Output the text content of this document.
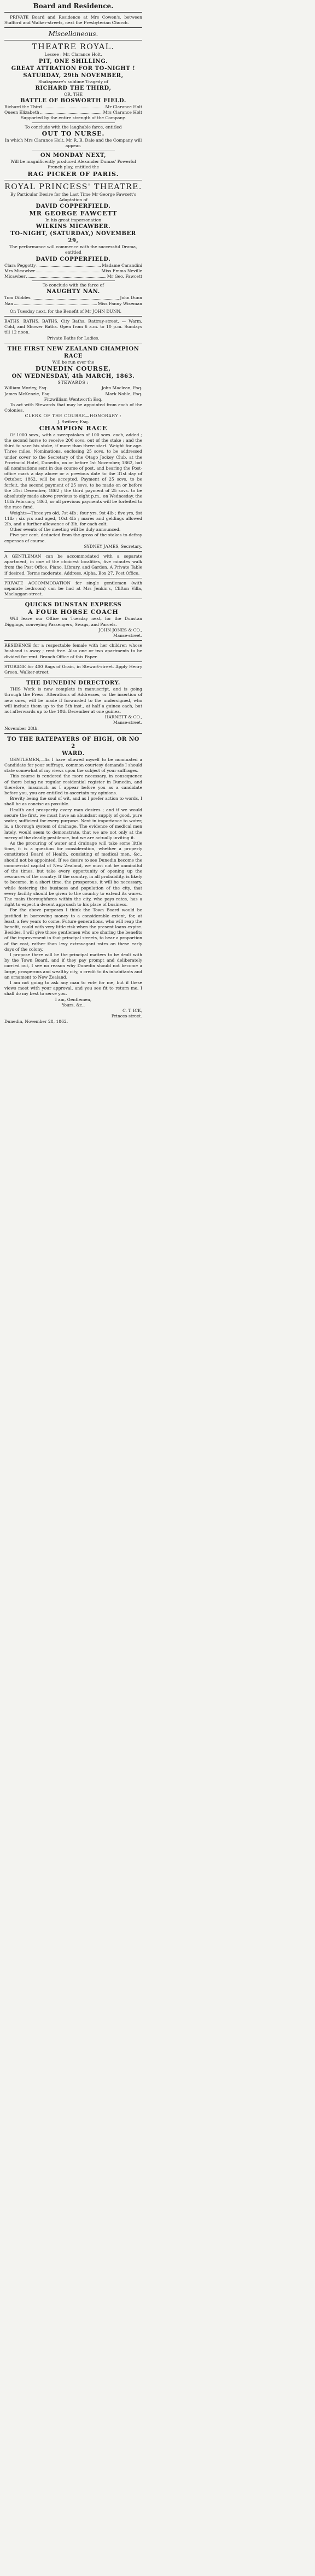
Board and Residence.

PRIVATE Board and Residence at Mrs Cowen's, between Stafford and Walker-streets, next the Presbyterian Church.

Miscellaneous.
THEATRE ROYAL.
Lessee : Mr. Clarance Holt.
PIT, ONE SHILLING.
GREAT ATTRATION FOR TO-NIGHT !
SATURDAY, 29th NOVEMBER,
Shakspeare's sublime Tragedy of
RICHARD THE THIRD,
OR, THE
BATTLE OF BOSWORTH FIELD.
Richard the Third	Mr Clarance Holt
Queen Elizabeth	Mrs Clarance Holt
Supported by the entire strength of the Company.
To conclude with the laughable farce, entitled
OUT TO NURSE.
In which Mrs Clarance Holt, Mr R. B. Dale and the Company will appear.
ON MONDAY NEXT,
Will be magnificently produced Alexander Dumas' Powerful French play, entitled the
RAG PICKER OF PARIS.
ROYAL PRINCESS' THEATRE.
By Particular Desire for the Last Time Mr George Fawcett's Adaptation of
DAVID COPPERFIELD.
MR GEORGE FAWCETT
In his great impersonation
WILKINS MICAWBER.
TO-NIGHT, (SATURDAY,) NOVEMBER 29,
The performance will commence with the successful Drama, entitled
DAVID COPPERFIELD.
Clara Peggotty	Madame Carandini
Mrs Micawber	Miss Emma Neville
Micawber	Mr Geo. Fawcett
To conclude with the farce of
NAUGHTY NAN.
Tom Dibbles	John Dunn
Nan	Miss Fanny Wiseman
On Tuesday next, for the Benefit of Mr JOHN DUNN.

BATHS. BATHS. BATHS. City Baths, Rattray-street, — Warm, Cold, and Shower Baths. Open from 6 a.m. to 10 p.m. Sundays till 12 noon.

Private Baths for Ladies.
THE FIRST NEW ZEALAND CHAMPION
RACE
Will be run over the
DUNEDIN COURSE,
ON WEDNESDAY, 4th MARCH, 1863.
STEWARDS :
William Morley, Esq.	John Maclean, Esq.
James McKenzie, Esq.	Mark Noble, Esq.
Fitzwilliam Wentworth Esq.
To act with Stewards that may be appointed from each of the Colonies.
CLERK OF THE COURSE—HONORARY :
J. Switzer, Esq.
CHAMPION RACE

Of 1000 sovs., with a sweepstakes of 100 sovs. each, added ; the second horse to receive 200 sovs. out of the stake ; and the third to save his stake, if more than three start. Weight for age. Three miles. Nominations, enclosing 25 sovs. to be addressed under cover to the Secretary of the Otago Jockey Club, at the Provincial Hotel, Dunedin, on or before 1st November, 1862, but all nominations sent in due course of post, and bearing the Post-office mark a day above or a previous date to the 31st day of October, 1862, will be accepted. Payment of 25 sovs. to be forfeit, the second payment of 25 sovs. to be made on or before the 31st December, 1862 ; the third payment of 25 sovs. to be absolutely made above previous to eight p.m., on Wednesday, the 18th February, 1863, or all previous payments will be forfeited to the race fund.

Weights—Three yrs old, 7st 4lb ; four yrs, 9st 4lb ; five yrs, 9st 11lb ; six yrs and aged, 10st 4lb ; mares and geldings allowed 2lb, and a further allowance of 3lb, for each colt.

Other events of the meeting will be duly announced.

Five per cent. deducted from the gross of the stakes to defray expenses of course.

SYDNEY JAMES, Secretary.

A GENTLEMAN can be accommodated with a separate apartment, in one of the choicest localities, five minutes walk from the Post Office. Piano, Library, and Garden. A Private Table if desired. Terms moderate. Address, Alpha, Box 27, Post Office.

PRIVATE ACCOMMODATION for single gentlemen (with separate bedroom) can be had at Mrs Jenkin's, Clifton Villa, Maclaggan-street.

QUICKS DUNSTAN EXPRESS
A FOUR HORSE COACH

Will leave our Office on Tuesday next, for the Dunstan Diggings, conveying Passengers, Swags, and Parcels.

JOHN JONES & CO.,
Manse-street.

RESIDENCE for a respectable female with her children whose husband is away ; rent free. Also one or two apartments to be divided for rent. Branch Office of this Paper.

STORAGE for 400 Bags of Grain, in Stewart-street. Apply Henry Green, Walker-street.

THE DUNEDIN DIRECTORY.

THIS Work is now complete in manuscript, and is going through the Press. Alterations of Addresses, or the insertion of new ones, will be made if forwarded to the undersigned, who will include them up to the 5th inst., at half a guinea each, but not afterwards up to the 10th December at one guinea.

HARNETT & CO.,
Manse-street.
November 28th.
TO THE RATEPAYERS OF HIGH, OR NO 2
WARD.

GENTLEMEN,—As I have allowed myself to be nominated a Candidate for your suffrage, common courtesy demands I should state somewhat of my views upon the subject of your suffrages.

This course is rendered the more necessary, in consequence of there being no regular residential register in Dunedin, and therefore, inasmuch as I appear before you as a candidate before you, you are entitled to ascertain my opinions.

Brevity being the soul of wit, and as I prefer action to words, I shall be as concise as possible.

Health and prosperity every man desires ; and if we would secure the first, we must have an abundant supply of good, pure water, sufficient for every purpose. Next in importance to water, is, a thorough system of drainage. The evidence of medical men lately, would seem to demonstrate, that we are not only at the mercy of the deadly pestilence, but we are actually inviting it.

As the procuring of water and drainage will take some little time, it is a question for consideration, whether a properly constituted Board of Health, consisting of medical men, &c., should not be appointed. If we desire to see Dunedin become the commercial capital of New Zealand, we must not be unmindful of the times, but take every opportunity of opening up the resources of the country. If the country, in all probability, is likely to become, in a short time, the prosperous, it will be necessary, while fostering the business and population of the city, that every facility should be given to the country to extend its wares. The main thoroughfares within the city, who pays rates, has a right to expect a decent approach to his place of business.

For the above purposes I think the Town Board would be justified in borrowing money to a considerable extent, for, at least, a few years to come. Future generations, who will reap the benefit, could with very little risk when the present loans expire. Besides, I will give those gentlemen who are sharing the benefits of the improvement in that principal streets, to bear a proportion of the cost, rather than levy extravagant rates on these early days of the colony.

I propose there will be the principal matters to be dealt with by the Town Board, and if they pay prompt and deliberately carried out, I see no reason why Dunedin should not become a large, prosperous and wealthy city, a credit to its inhabitants and an ornament to New Zealand.

I am not going to ask any man to vote for me, but if these views meet with your approval, and you see fit to return me, I shall do my best to serve you.

I am, Gentlemen,
Yours, &c.,
C. T. ICK,
Princes-street.
Dunedin, November 28, 1862.
